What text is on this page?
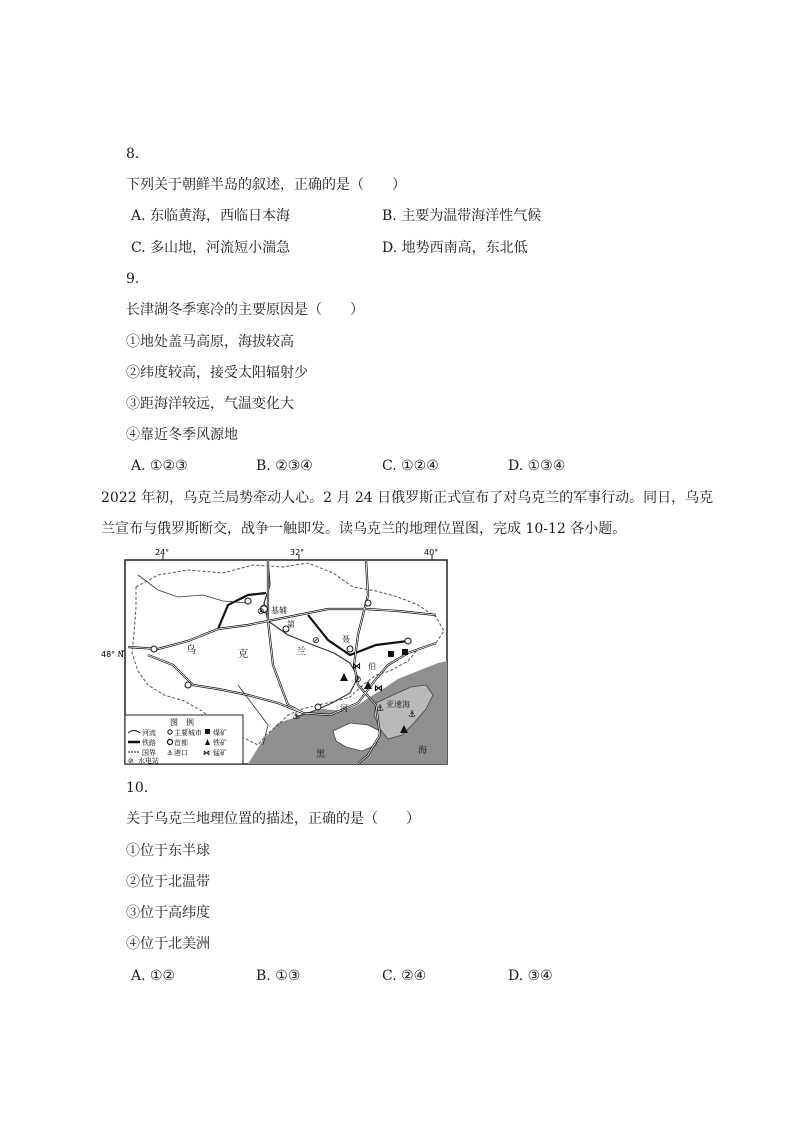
8.
下列关于朝鲜半岛的叙述，正确的是（　　）
A. 东临黄海，西临日本海	B. 主要为温带海洋性气候
C. 多山地，河流短小湍急	D. 地势西南高，东北低
9.
长津湖冬季寒冷的主要原因是（　　）
①地处盖马高原，海拔较高
②纬度较高，接受太阳辐射少
③距海洋较远，气温变化大
④靠近冬季风源地
A. ①②③	B. ②③④	C. ①②④	D. ①③④
2022 年初，乌克兰局势牵动人心。2 月 24 日俄罗斯正式宣布了对乌克兰的军事行动。同日，乌克
兰宣布与俄罗斯断交，战争一触即发。读乌克兰的地理位置图，完成 10-12 各小题。
24°	32°	40°
48° N
⊘
⊘
⊘
⋈
⋈
⚓
⚓
⚓
乌	克	兰
基辅
第
聂
伯
河	亚速海
黑	海
图　例
河流	主要城市 煤矿
铁路	首都	铁矿
国界 ⚓ 港口 ⋈ 锰矿
⊘ 水电站
10.
关于乌克兰地理位置的描述，正确的是（　　）
①位于东半球
②位于北温带
③位于高纬度
④位于北美洲
A. ①②	B. ①③	C. ②④	D. ③④
